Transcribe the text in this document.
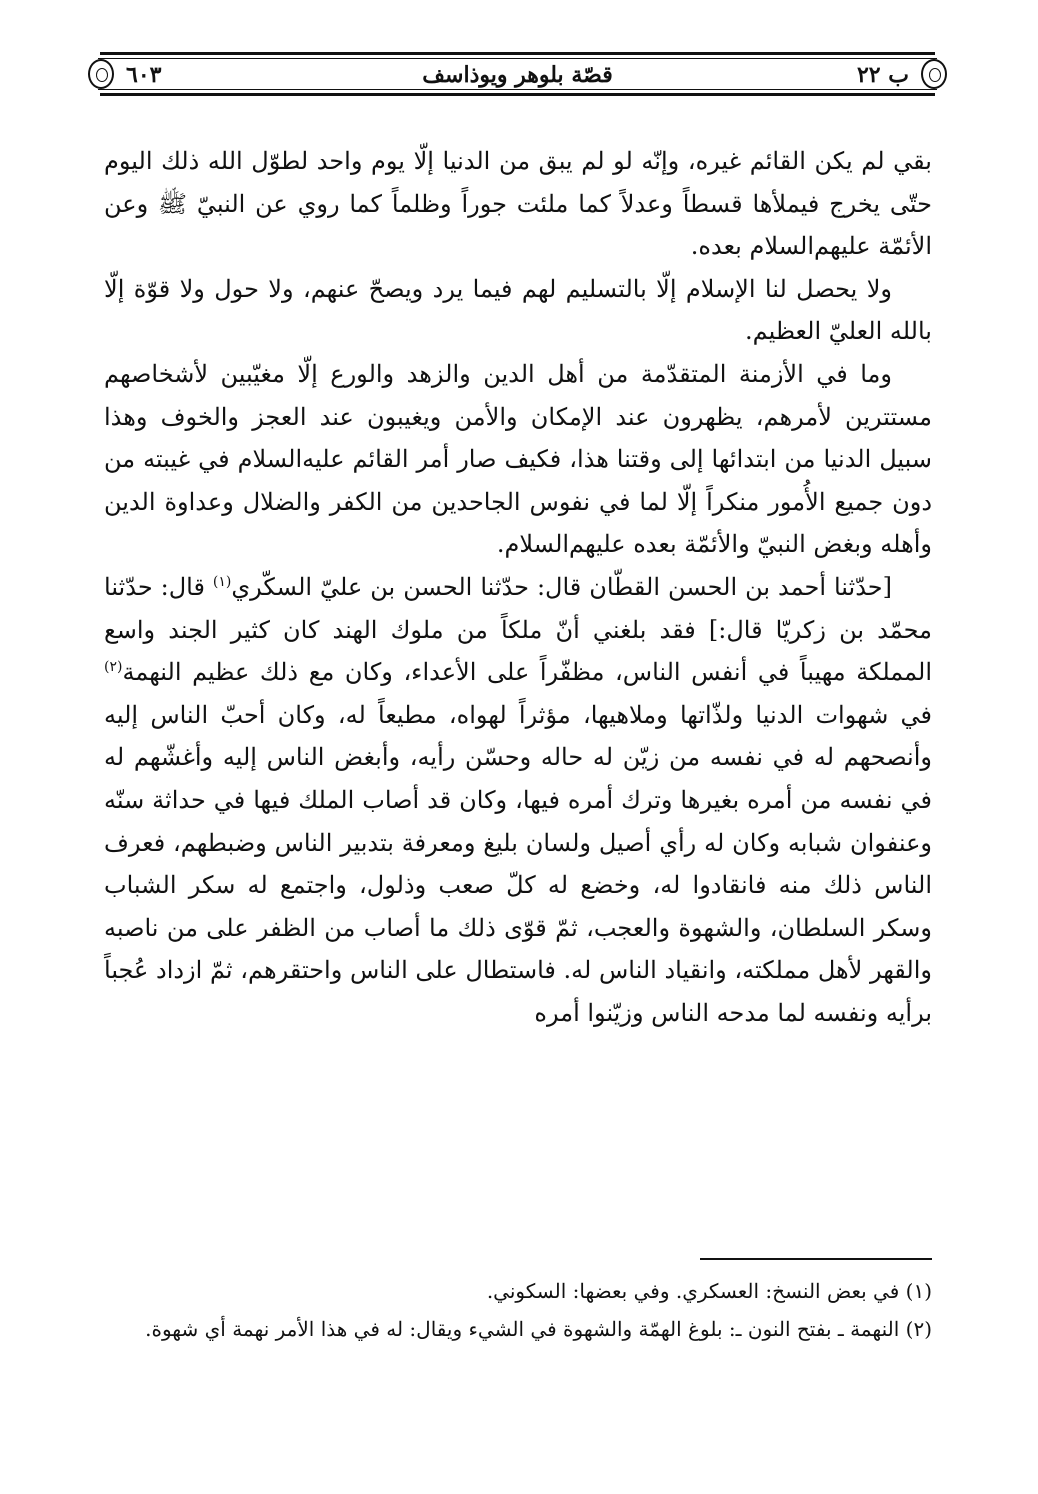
ب ٢٢
قصّة بلوهر ويوذاسف
٦٠٣

بقي لم يكن القائم غيره، وإنّه لو لم يبق من الدنيا إلّا يوم واحد لطوّل الله ذلك اليوم حتّى يخرج فيملأها قسطاً وعدلاً كما ملئت جوراً وظلماً كما روي عن النبيّ ﷺ وعن الأئمّة عليهم‌السلام بعده.

ولا يحصل لنا الإسلام إلّا بالتسليم لهم فيما يرد ويصحّ عنهم، ولا حول ولا قوّة إلّا بالله العليّ العظيم.

وما في الأزمنة المتقدّمة من أهل الدين والزهد والورع إلّا مغيّبين لأشخاصهم مستترين لأمرهم، يظهرون عند الإمكان والأمن ويغيبون عند العجز والخوف وهذا سبيل الدنيا من ابتدائها إلى وقتنا هذا، فكيف صار أمر القائم عليه‌السلام في غيبته من دون جميع الأُمور منكراً إلّا لما في نفوس الجاحدين من الكفر والضلال وعداوة الدين وأهله وبغض النبيّ والأئمّة بعده عليهم‌السلام.

[حدّثنا أحمد بن الحسن القطّان قال: حدّثنا الحسن بن عليّ السكّري$^{(١)}$ قال: حدّثنا محمّد بن زكريّا قال:] فقد بلغني أنّ ملكاً من ملوك الهند كان كثير الجند واسع المملكة مهيباً في أنفس الناس، مظفّراً على الأعداء، وكان مع ذلك عظيم النهمة$^{(٢)}$ في شهوات الدنيا ولذّاتها وملاهيها، مؤثراً لهواه، مطيعاً له، وكان أحبّ الناس إليه وأنصحهم له في نفسه من زيّن له حاله وحسّن رأيه، وأبغض الناس إليه وأغشّهم له في نفسه من أمره بغيرها وترك أمره فيها، وكان قد أصاب الملك فيها في حداثة سنّه وعنفوان شبابه وكان له رأي أصيل ولسان بليغ ومعرفة بتدبير الناس وضبطهم، فعرف الناس ذلك منه فانقادوا له، وخضع له كلّ صعب وذلول، واجتمع له سكر الشباب وسكر السلطان، والشهوة والعجب، ثمّ قوّى ذلك ما أصاب من الظفر على من ناصبه والقهر لأهل مملكته، وانقياد الناس له. فاستطال على الناس واحتقرهم، ثمّ ازداد عُجباً برأيه ونفسه لما مدحه الناس وزيّنوا أمره

(١) في بعض النسخ: العسكري. وفي بعضها: السكوني.

(٢) النهمة ـ بفتح النون ـ: بلوغ الهمّة والشهوة في الشيء ويقال: له في هذا الأمر نهمة أي شهوة.
